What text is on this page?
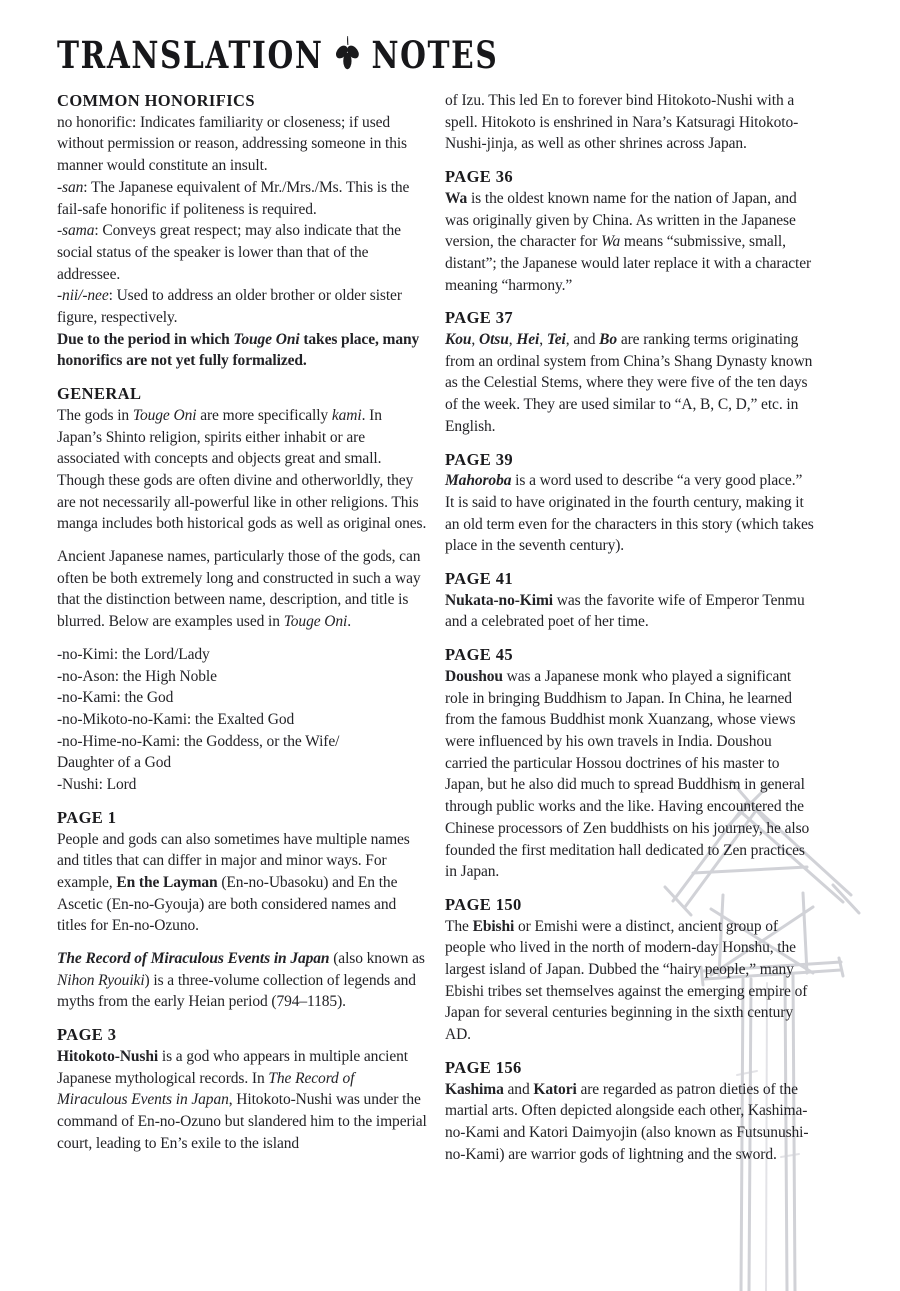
TRANSLATION NOTES
COMMON HONORIFICS

no honorific: Indicates familiarity or closeness; if used without permission or reason, addressing someone in this manner would constitute an insult.

-san: The Japanese equivalent of Mr./Mrs./Ms. This is the fail-safe honorific if politeness is required.

-sama: Conveys great respect; may also indicate that the social status of the speaker is lower than that of the addressee.

-nii/-nee: Used to address an older brother or older sister figure, respectively.

Due to the period in which Touge Oni takes place, many honorifics are not yet fully formalized.

GENERAL

The gods in Touge Oni are more specifically kami. In Japan’s Shinto religion, spirits either inhabit or are associated with concepts and objects great and small. Though these gods are often divine and otherworldly, they are not necessarily all-powerful like in other religions. This manga includes both historical gods as well as original ones.

Ancient Japanese names, particularly those of the gods, can often be both extremely long and constructed in such a way that the distinction between name, description, and title is blurred. Below are examples used in Touge Oni.

-no-Kimi: the Lord/Lady

-no-Ason: the High Noble

-no-Kami: the God

-no-Mikoto-no-Kami: the Exalted God

-no-Hime-no-Kami: the Goddess, or the Wife/
Daughter of a God

-Nushi: Lord

PAGE 1

People and gods can also sometimes have multiple names and titles that can differ in major and minor ways. For example, En the Layman (En-no-Ubasoku) and En the Ascetic (En-no-Gyouja) are both considered names and titles for En-no-Ozuno.

The Record of Miraculous Events in Japan (also known as Nihon Ryouiki) is a three-volume collection of legends and myths from the early Heian period (794–1185).

PAGE 3

Hitokoto-Nushi is a god who appears in multiple ancient Japanese mythological records. In The Record of Miraculous Events in Japan, Hitokoto-Nushi was under the command of En-no-Ozuno but slandered him to the imperial court, leading to En’s exile to the island

of Izu. This led En to forever bind Hitokoto-Nushi with a spell. Hitokoto is enshrined in Nara’s Katsuragi Hitokoto-Nushi-jinja, as well as other shrines across Japan.

PAGE 36

Wa is the oldest known name for the nation of Japan, and was originally given by China. As written in the Japanese version, the character for Wa means “submissive, small, distant”; the Japanese would later replace it with a character meaning “harmony.”

PAGE 37

Kou, Otsu, Hei, Tei, and Bo are ranking terms originating from an ordinal system from China’s Shang Dynasty known as the Celestial Stems, where they were five of the ten days of the week. They are used similar to “A, B, C, D,” etc. in English.

PAGE 39

Mahoroba is a word used to describe “a very good place.” It is said to have originated in the fourth century, making it an old term even for the characters in this story (which takes place in the seventh century).

PAGE 41

Nukata-no-Kimi was the favorite wife of Emperor Tenmu and a celebrated poet of her time.

PAGE 45

Doushou was a Japanese monk who played a significant role in bringing Buddhism to Japan. In China, he learned from the famous Buddhist monk Xuanzang, whose views were influenced by his own travels in India. Doushou carried the particular Hossou doctrines of his master to Japan, but he also did much to spread Buddhism in general through public works and the like. Having encountered the Chinese processors of Zen buddhists on his journey, he also founded the first meditation hall dedicated to Zen practices in Japan.

PAGE 150

The Ebishi or Emishi were a distinct, ancient group of people who lived in the north of modern-day Honshu, the largest island of Japan. Dubbed the “hairy people,” many Ebishi tribes set themselves against the emerging empire of Japan for several centuries beginning in the sixth century AD.

PAGE 156

Kashima and Katori are regarded as patron dieties of the martial arts. Often depicted alongside each other, Kashima-no-Kami and Katori Daimyojin (also known as Futsunushi-no-Kami) are warrior gods of lightning and the sword.
